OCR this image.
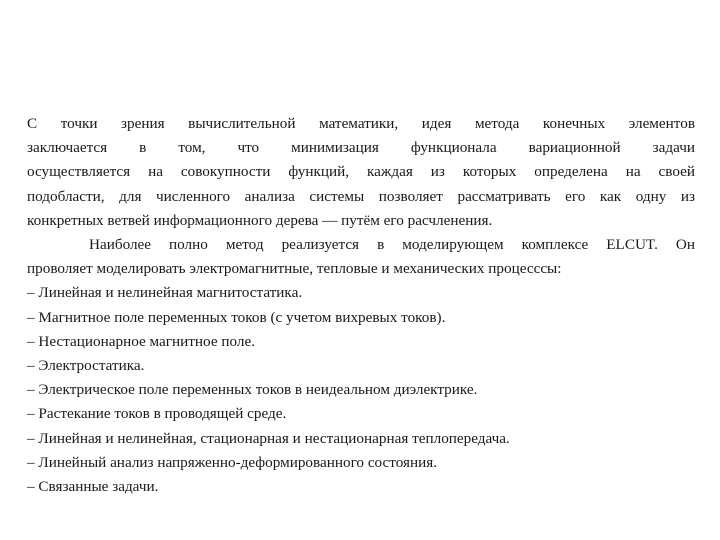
С точки зрения вычислительной математики, идея метода конечных элементов
заключается в том, что минимизация функционала вариационной задачи
осуществляется на совокупности функций, каждая из которых определена на своей
подобласти, для численного анализа системы позволяет рассматривать его как одну из
конкретных ветвей информационного дерева — путём его расчленения.

Наиболее полно метод реализуется в моделирующем комплексе ELCUT. Он
проволяет моделировать электромагнитные, тепловые и механических процесссы:

– Линейная и нелинейная магнитостатика.
– Магнитное поле переменных токов (с учетом вихревых токов).
– Нестационарное магнитное поле.
– Электростатика.
– Электрическое поле переменных токов в неидеальном диэлектрике.
– Растекание токов в проводящей среде.
– Линейная и нелинейная, стационарная и нестационарная теплопередача.
– Линейный анализ напряженно-деформированного состояния.
– Связанные задачи.
